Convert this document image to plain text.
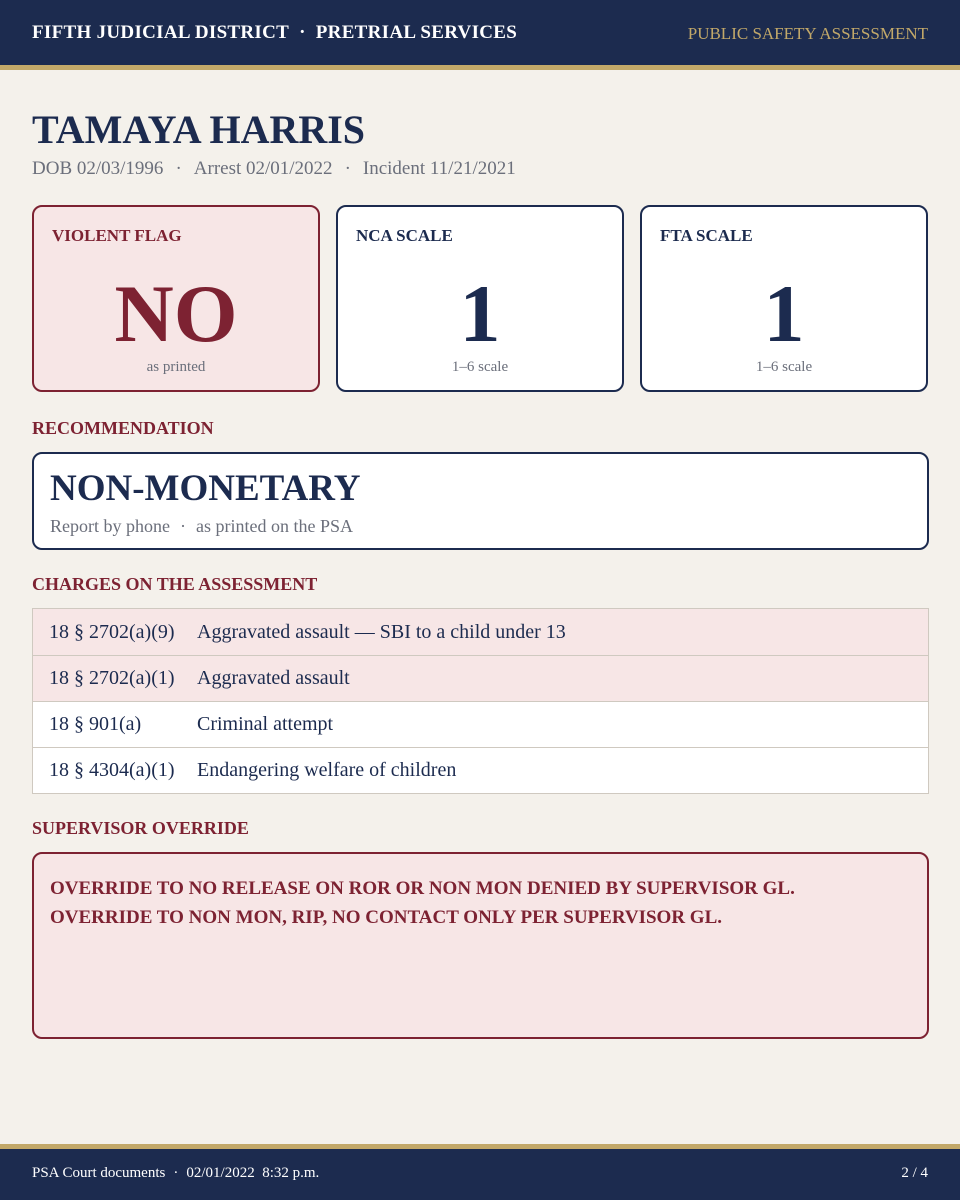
FIFTH JUDICIAL DISTRICT · PRETRIAL SERVICES	PUBLIC SAFETY ASSESSMENT
TAMAYA HARRIS
DOB 02/03/1996 · Arrest 02/01/2022 · Incident 11/21/2021
VIOLENT FLAG
NO
as printed
NCA SCALE
1
1–6 scale
FTA SCALE
1
1–6 scale
RECOMMENDATION
NON-MONETARY
Report by phone · as printed on the PSA
CHARGES ON THE ASSESSMENT
18 § 2702(a)(9)	Aggravated assault — SBI to a child under 13
18 § 2702(a)(1)	Aggravated assault
18 § 901(a)	Criminal attempt
18 § 4304(a)(1)	Endangering welfare of children
SUPERVISOR OVERRIDE
OVERRIDE TO NO RELEASE ON ROR OR NON MON DENIED BY SUPERVISOR GL.
OVERRIDE TO NON MON, RIP, NO CONTACT ONLY PER SUPERVISOR GL.
PSA Court documents · 02/01/2022  8:32 p.m.	2 / 4
